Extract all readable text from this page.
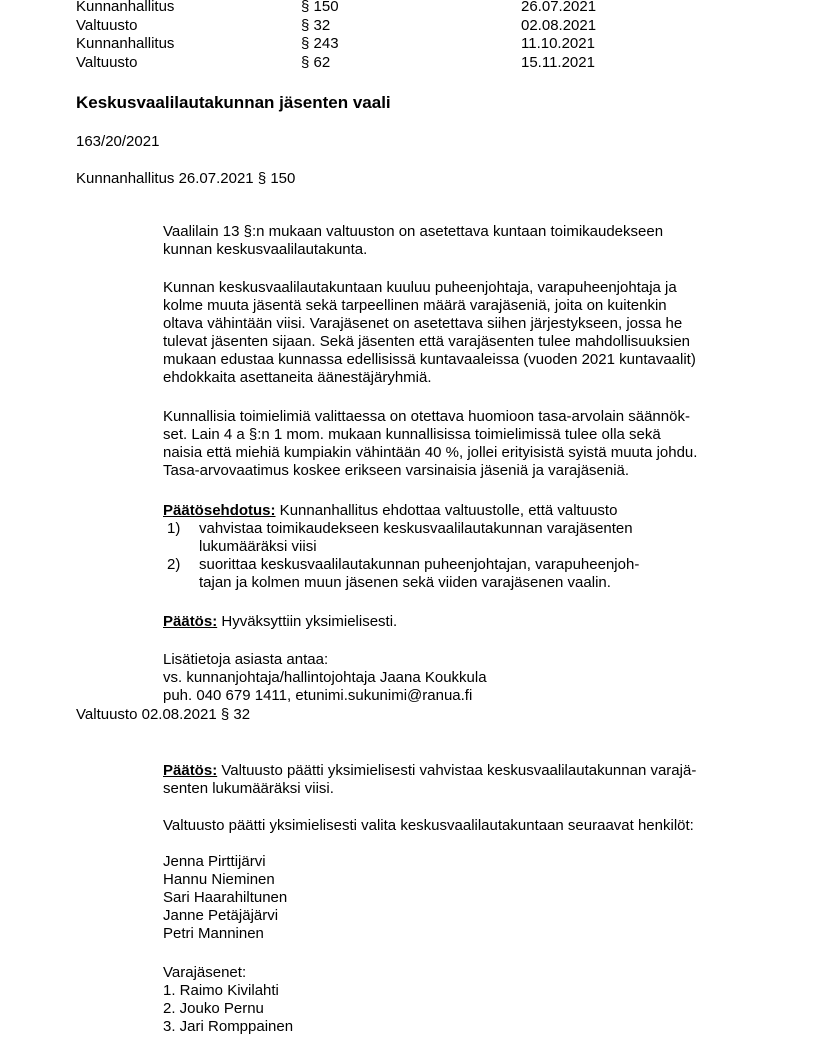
Kunnanhallitus	§ 150	26.07.2021
Valtuusto	§ 32	02.08.2021
Kunnanhallitus	§ 243	11.10.2021
Valtuusto	§ 62	15.11.2021
Keskusvaalilautakunnan jäsenten vaali
163/20/2021
Kunnanhallitus 26.07.2021 § 150
Vaalilain 13 §:n mukaan valtuuston on asetettava kuntaan toimikaudekseen
kunnan keskusvaalilautakunta.
Kunnan keskusvaalilautakuntaan kuuluu puheenjohtaja, varapuheenjohtaja ja
kolme muuta jäsentä sekä tarpeellinen määrä varajäseniä, joita on kuitenkin
oltava vähintään viisi. Varajäsenet on asetettava siihen järjestykseen, jossa he
tulevat jäsenten sijaan. Sekä jäsenten että varajäsenten tulee mahdollisuuksien
mukaan edustaa kunnassa edellisissä kuntavaaleissa (vuoden 2021 kuntavaalit)
ehdokkaita asettaneita äänestäjäryhmiä.
Kunnallisia toimielimiä valittaessa on otettava huomioon tasa-arvolain säännök-
set. Lain 4 a §:n 1 mom. mukaan kunnallisissa toimielimissä tulee olla sekä
naisia että miehiä kumpiakin vähintään 40 %, jollei erityisistä syistä muuta johdu.
Tasa-arvovaatimus koskee erikseen varsinaisia jäseniä ja varajäseniä.
Päätösehdotus: Kunnanhallitus ehdottaa valtuustolle, että valtuusto
1) vahvistaa toimikaudekseen keskusvaalilautakunnan varajäsenten
lukumääräksi viisi
2) suorittaa keskusvaalilautakunnan puheenjohtajan, varapuheenjoh-
tajan ja kolmen muun jäsenen sekä viiden varajäsenen vaalin.
Päätös: Hyväksyttiin yksimielisesti.
Lisätietoja asiasta antaa:
vs. kunnanjohtaja/hallintojohtaja Jaana Koukkula
puh. 040 679 1411, etunimi.sukunimi@ranua.fi
Valtuusto 02.08.2021 § 32
Päätös: Valtuusto päätti yksimielisesti vahvistaa keskusvaalilautakunnan varajä-
senten lukumääräksi viisi.
Valtuusto päätti yksimielisesti valita keskusvaalilautakuntaan seuraavat henkilöt:
Jenna Pirttijärvi
Hannu Nieminen
Sari Haarahiltunen
Janne Petäjäjärvi
Petri Manninen
Varajäsenet:
1. Raimo Kivilahti
2. Jouko Pernu
3. Jari Romppainen
